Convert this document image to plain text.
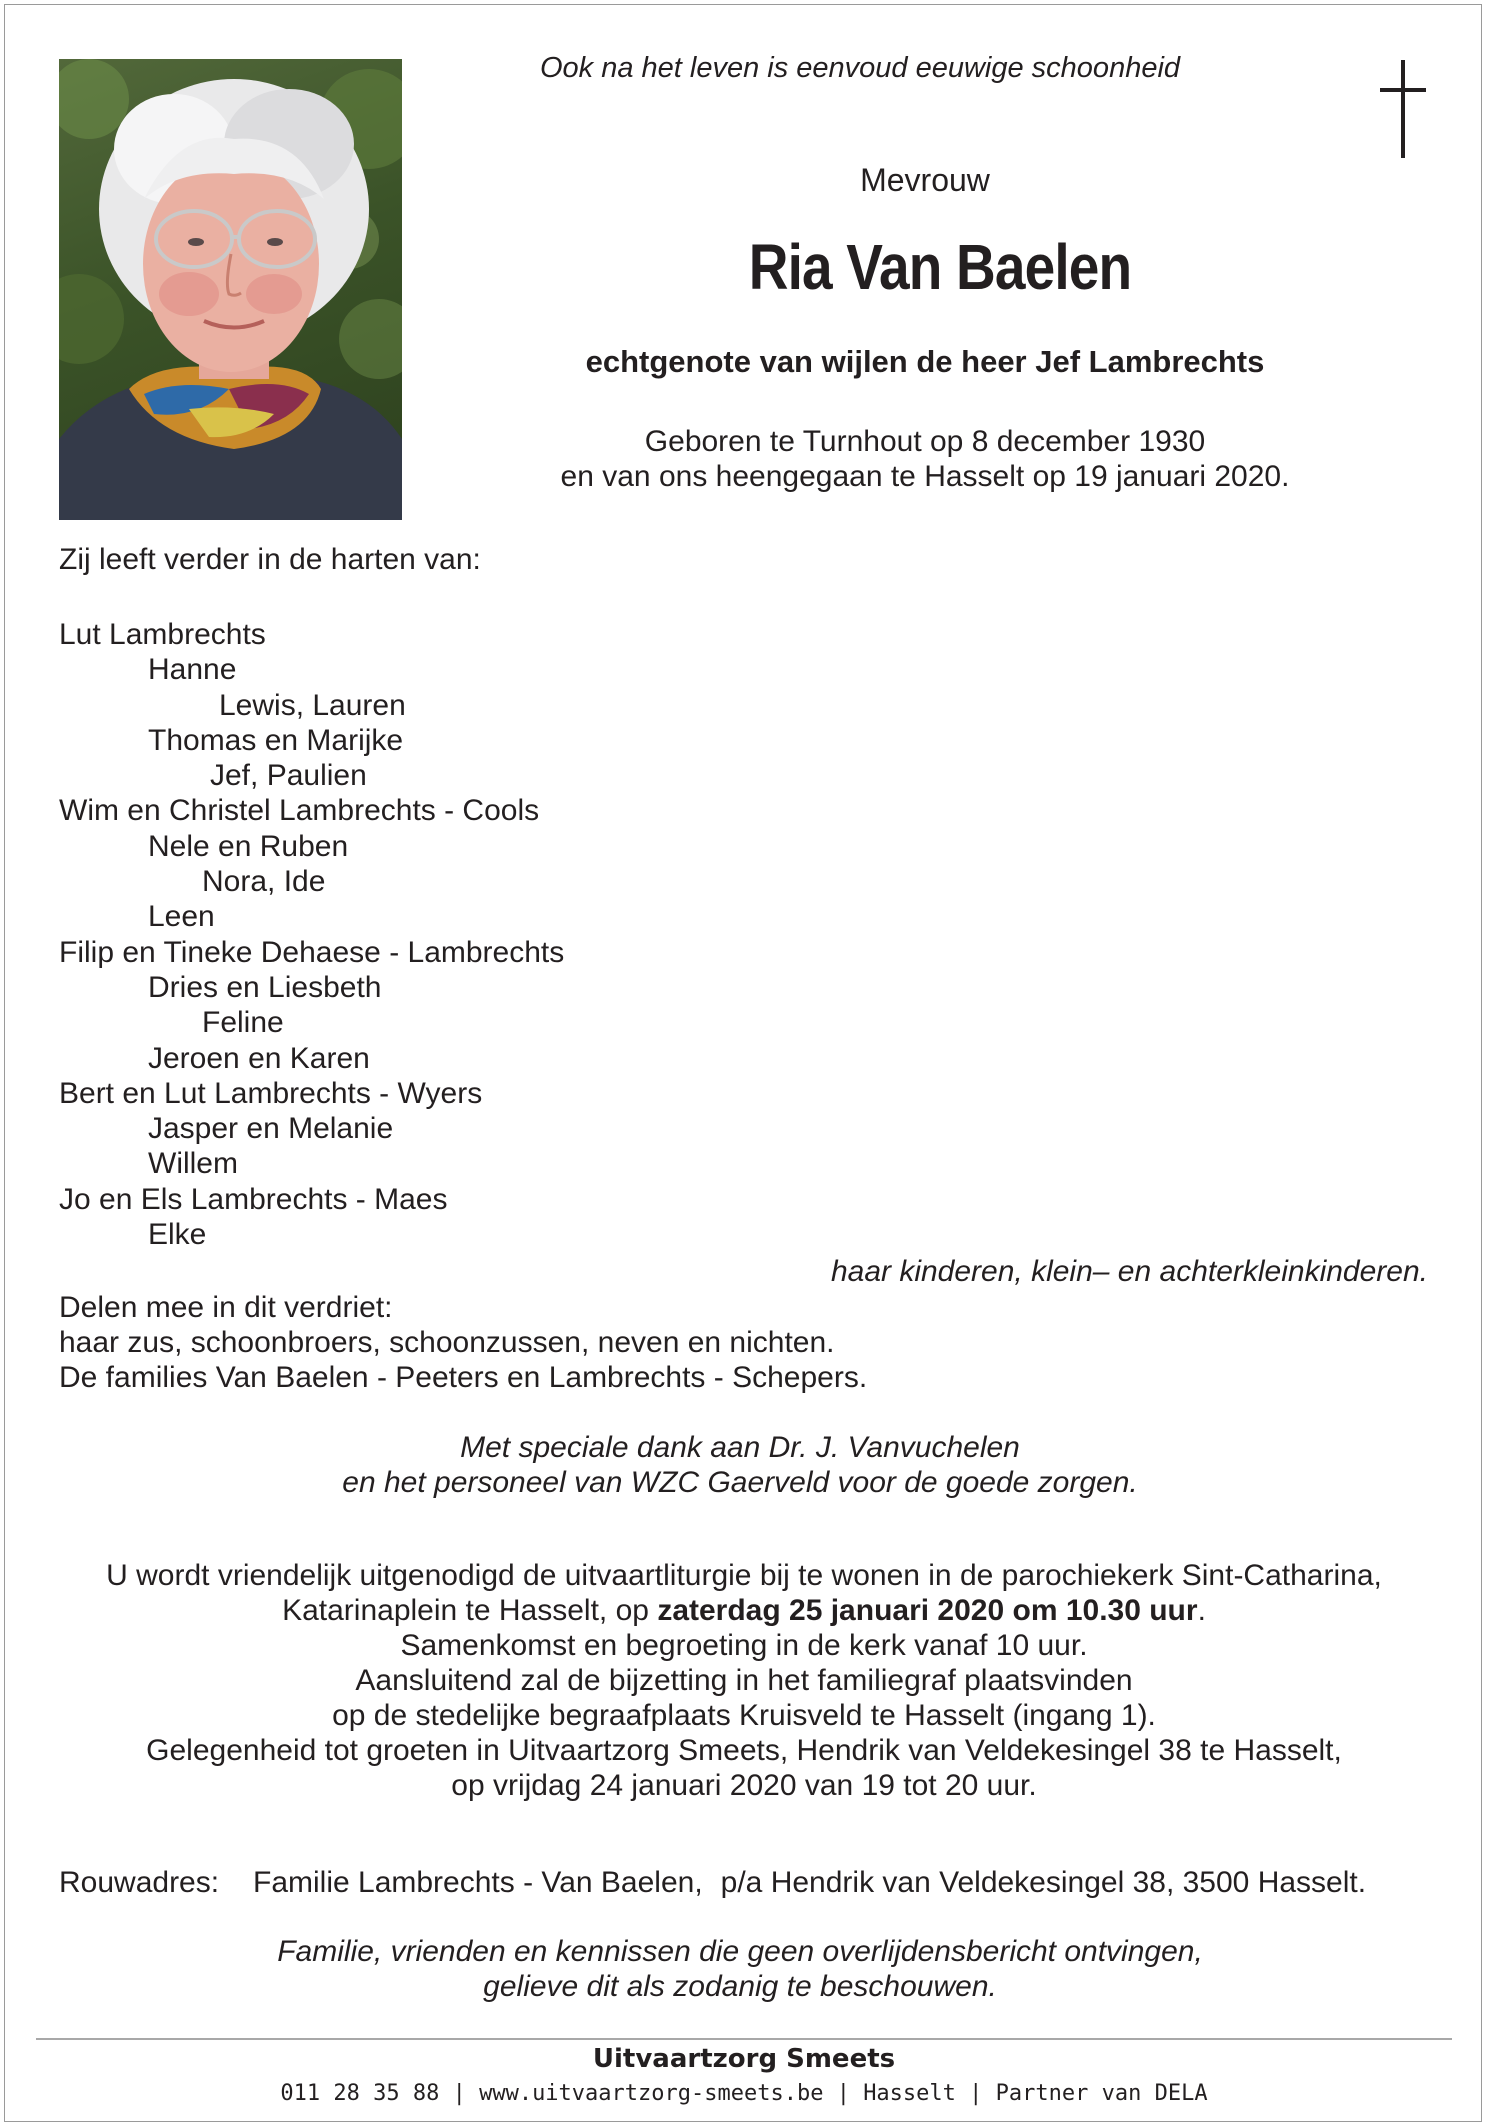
Ook na het leven is eenvoud eeuwige schoonheid
Mevrouw
Ria Van Baelen
echtgenote van wijlen de heer Jef Lambrechts
Geboren te Turnhout op 8 december 1930
en van ons heengegaan te Hasselt op 19 januari 2020.
Zij leeft verder in de harten van:
Lut Lambrechts
Hanne
Lewis, Lauren
Thomas en Marijke
Jef, Paulien
Wim en Christel Lambrechts - Cools
Nele en Ruben
Nora, Ide
Leen
Filip en Tineke Dehaese - Lambrechts
Dries en Liesbeth
Feline
Jeroen en Karen
Bert en Lut Lambrechts - Wyers
Jasper en Melanie
Willem
Jo en Els Lambrechts - Maes
Elke
haar kinderen, klein– en achterkleinkinderen.
Delen mee in dit verdriet:
haar zus, schoonbroers, schoonzussen, neven en nichten.
De families Van Baelen - Peeters en Lambrechts - Schepers.
Met speciale dank aan Dr. J. Vanvuchelen
en het personeel van WZC Gaerveld voor de goede zorgen.
U wordt vriendelijk uitgenodigd de uitvaartliturgie bij te wonen in de parochiekerk Sint-Catharina,
Katarinaplein te Hasselt, op zaterdag 25 januari 2020 om 10.30 uur.
Samenkomst en begroeting in de kerk vanaf 10 uur.
Aansluitend zal de bijzetting in het familiegraf plaatsvinden
op de stedelijke begraafplaats Kruisveld te Hasselt (ingang 1).
Gelegenheid tot groeten in Uitvaartzorg Smeets, Hendrik van Veldekesingel 38 te Hasselt,
op vrijdag 24 januari 2020 van 19 tot 20 uur.
Rouwadres: Familie Lambrechts - Van Baelen, p/a Hendrik van Veldekesingel 38, 3500 Hasselt.
Familie, vrienden en kennissen die geen overlijdensbericht ontvingen,
gelieve dit als zodanig te beschouwen.
Uitvaartzorg Smeets
011 28 35 88 | www.uitvaartzorg-smeets.be | Hasselt | Partner van DELA
